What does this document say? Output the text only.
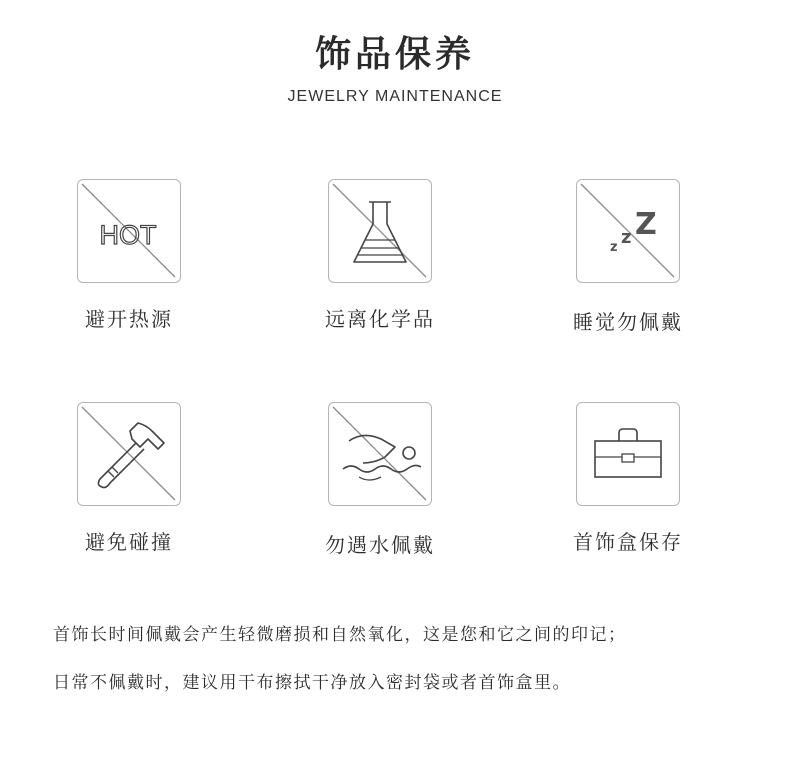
饰品保养
JEWELRY MAINTENANCE
HOT
避开热源	远离化学品
z z Z
睡觉勿佩戴
避免碰撞	勿遇水佩戴	首饰盒保存
首饰长时间佩戴会产生轻微磨损和自然氧化，这是您和它之间的印记；
日常不佩戴时，建议用干布擦拭干净放入密封袋或者首饰盒里。
